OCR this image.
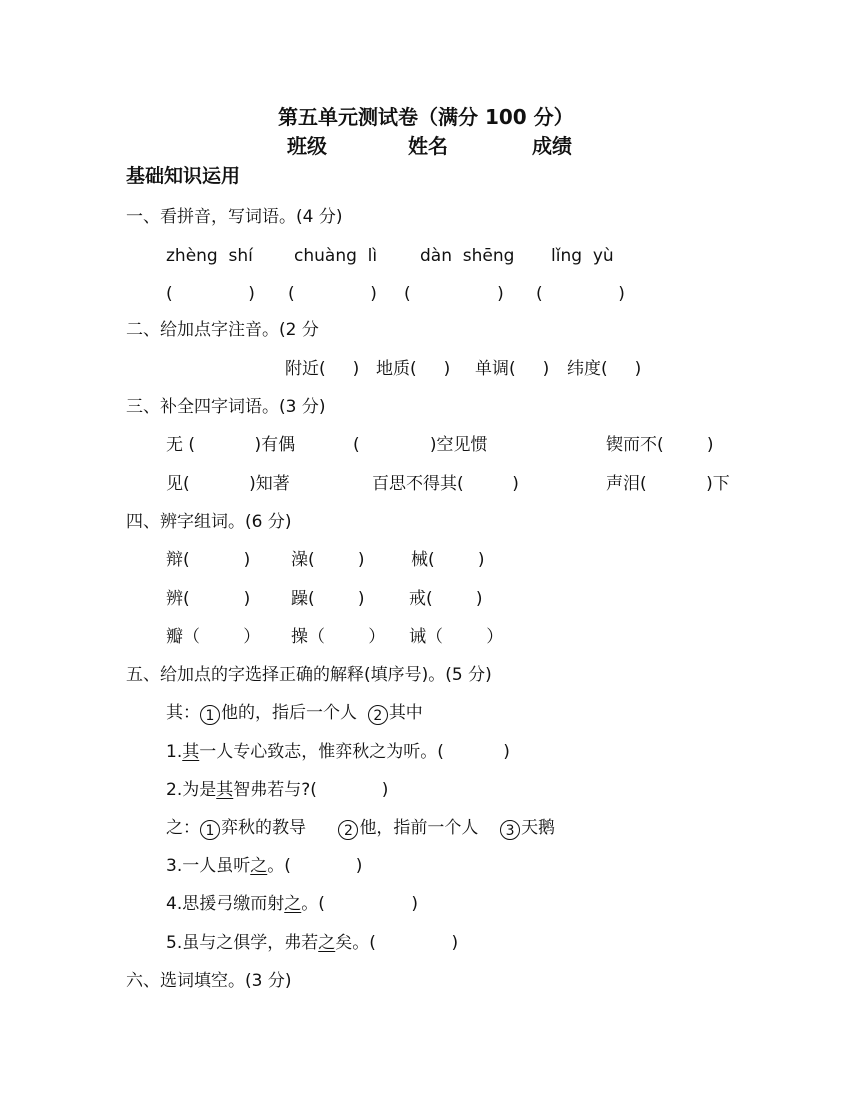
第五单元测试卷（满分 100 分）
班级	姓名	成绩
基础知识运用
一、看拼音，写词语。(4 分)
zhèng  shí chuàng  lì	dàn  shēng lǐng  yù
(              ) (              ) (                ) (              )
二、给加点字注音。(2 分
附近(     ) 地质(     ) 单调(     ) 纬度(     )
三、补全四字词语。(3 分)
无 (           )有偶	(             )空见惯	锲而不(        )
见(           )知著	百思不得其(         )	声泪(           )下
四、辨字组词。(6 分)
辩(          ) 澡(        )	械(        )
辨(          ) 躁(        )	戒(        )
瓣（        ） 操（        ） 诫（        ）
五、给加点的字选择正确的解释(填序号)。(5 分)
其： 1 他的，指后一个人 2 其中
1.其一人专心致志，惟弈秋之为听。(           )
2.为是其智弗若与?(            )
之： 1 弈秋的教导	2 他，指前一个人 3 天鹅
3.一人虽听之。(            )
4.思援弓缴而射之。(                )
5.虽与之俱学，弗若之矣。(              )
六、选词填空。(3 分)
